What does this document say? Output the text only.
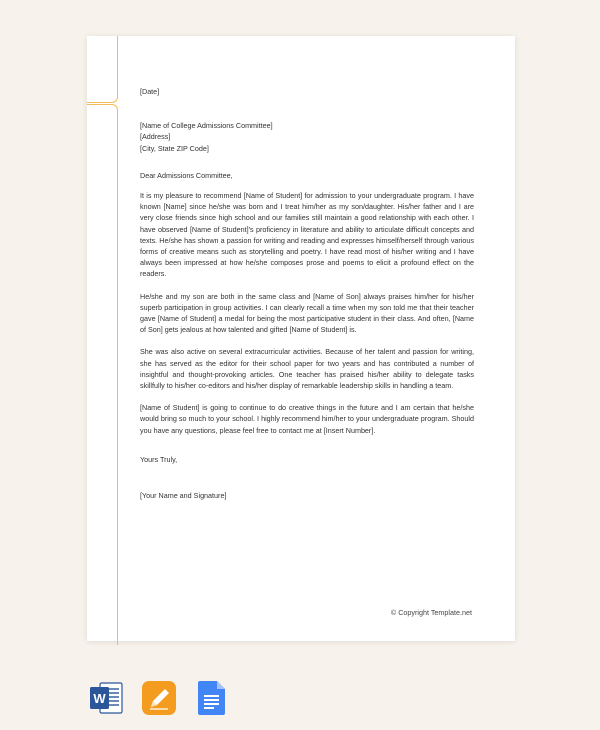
[Date]

[Name of College Admissions Committee]

[Address]

[City, State ZIP Code]

Dear Admissions Committee,

It is my pleasure to recommend [Name of Student] for admission to your undergraduate program. I have known [Name] since he/she was born and I treat him/her as my son/daughter. His/her father and I are very close friends since high school and our families still maintain a good relationship with each other. I have observed [Name of Student]'s proficiency in literature and ability to articulate difficult concepts and texts. He/she has shown a passion for writing and reading and expresses himself/herself through various forms of creative means such as storytelling and poetry. I have read most of his/her writing and I have always been impressed at how he/she composes prose and poems to elicit a profound effect on the readers.

He/she and my son are both in the same class and [Name of Son] always praises him/her for his/her superb participation in group activities. I can clearly recall a time when my son told me that their teacher gave [Name of Student] a medal for being the most participative student in their class. And often, [Name of Son] gets jealous at how talented and gifted [Name of Student] is.

She was also active on several extracurricular activities. Because of her talent and passion for writing, she has served as the editor for their school paper for two years and has contributed a number of insightful and thought-provoking articles. One teacher has praised his/her ability to delegate tasks skillfully to his/her co-editors and his/her display of remarkable leadership skills in handling a team.

[Name of Student] is going to continue to do creative things in the future and I am certain that he/she would bring so much to your school. I highly recommend him/her to your undergraduate program. Should you have any questions, please feel free to contact me at [Insert Number].

Yours Truly,

[Your Name and Signature]

© Copyright Template.net
W
